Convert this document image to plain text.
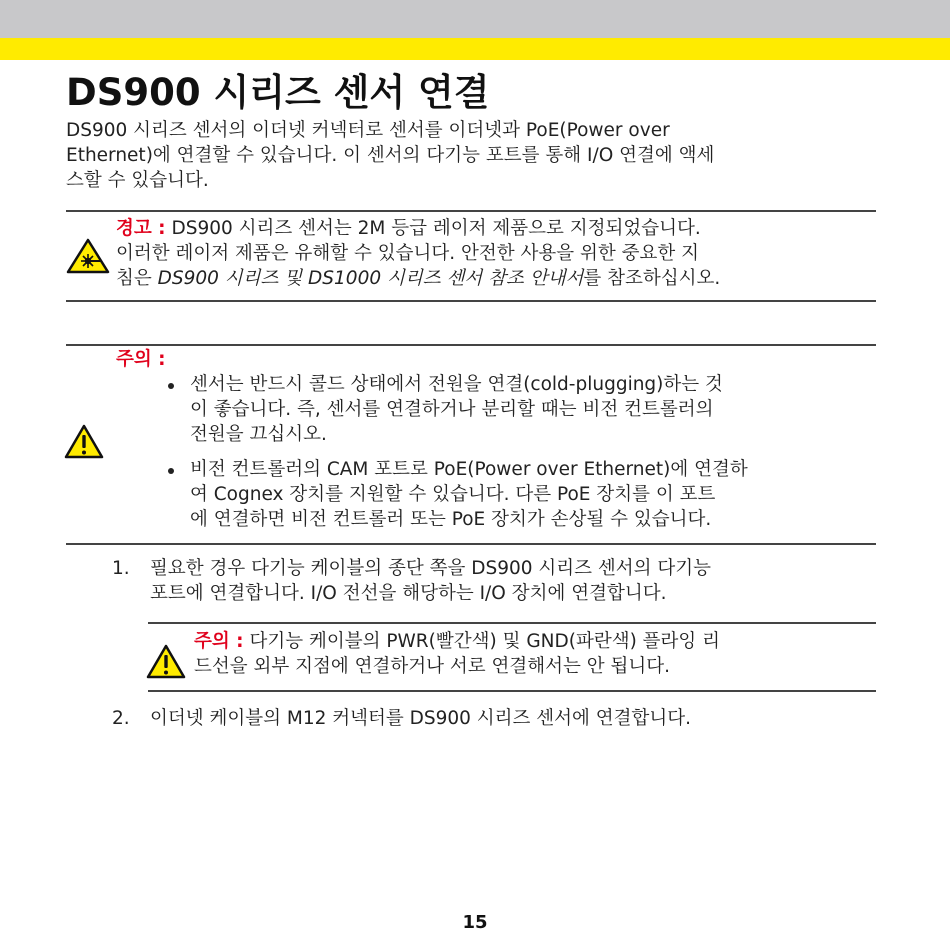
DS900 시리즈 센서 연결
DS900 시리즈 센서의 이더넷 커넥터로 센서를 이더넷과 PoE(Power over
Ethernet)에 연결할 수 있습니다. 이 센서의 다기능 포트를 통해 I/O 연결에 액세
스할 수 있습니다.
경고 : DS900 시리즈 센서는 2M 등급 레이저 제품으로 지정되었습니다.
이러한 레이저 제품은 유해할 수 있습니다. 안전한 사용을 위한 중요한 지
침은 DS900 시리즈 및 DS1000 시리즈 센서 참조 안내서를 참조하십시오.
주의 :
센서는 반드시 콜드 상태에서 전원을 연결(cold-plugging)하는 것
이 좋습니다. 즉, 센서를 연결하거나 분리할 때는 비전 컨트롤러의
전원을 끄십시오.
비전 컨트롤러의 CAM 포트로 PoE(Power over Ethernet)에 연결하
여 Cognex 장치를 지원할 수 있습니다. 다른 PoE 장치를 이 포트
에 연결하면 비전 컨트롤러 또는 PoE 장치가 손상될 수 있습니다.
1. 필요한 경우 다기능 케이블의 종단 쪽을 DS900 시리즈 센서의 다기능
포트에 연결합니다. I/O 전선을 해당하는 I/O 장치에 연결합니다.
주의 : 다기능 케이블의 PWR(빨간색) 및 GND(파란색) 플라잉 리
드선을 외부 지점에 연결하거나 서로 연결해서는 안 됩니다.
2. 이더넷 케이블의 M12 커넥터를 DS900 시리즈 센서에 연결합니다.
15
